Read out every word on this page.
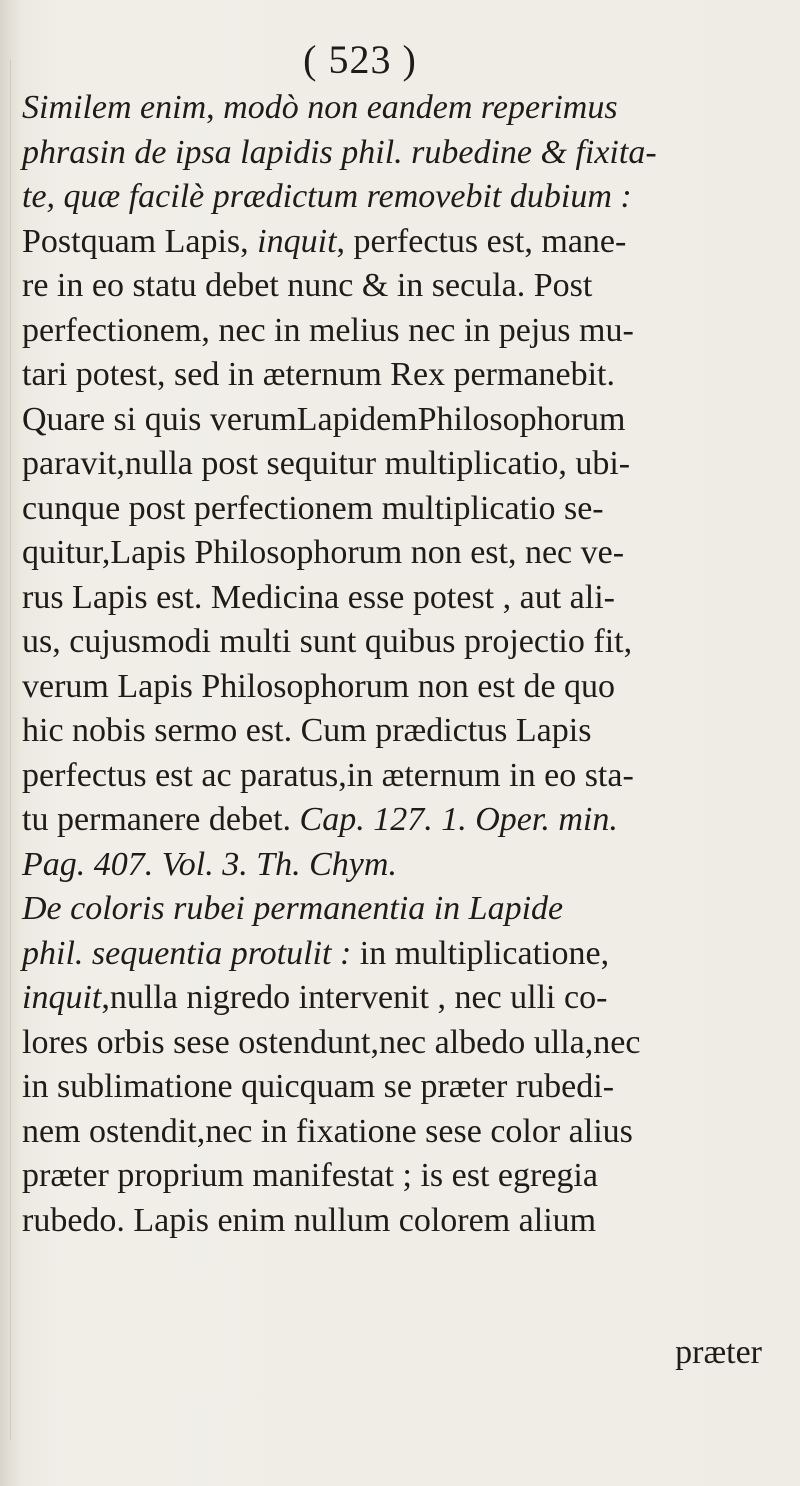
( 523 )
Similem enim, modò non eandem reperimus
phrasin de ipsa lapidis phil. rubedine & fixita-
te, quæ facilè prædictum removebit dubium :
Postquam Lapis, inquit, perfectus est, mane-
re in eo statu debet nunc & in secula. Post
perfectionem, nec in melius nec in pejus mu-
tari potest, sed in æternum Rex permanebit.
Quare si quis verumLapidemPhilosophorum
paravit,nulla post sequitur multiplicatio, ubi-
cunque post perfectionem multiplicatio se-
quitur,Lapis Philosophorum non est, nec ve-
rus Lapis est. Medicina esse potest , aut ali-
us, cujusmodi multi sunt quibus projectio fit,
verum Lapis Philosophorum non est de quo
hic nobis sermo est. Cum prædictus Lapis
perfectus est ac paratus,in æternum in eo sta-
tu permanere debet. Cap. 127. 1. Oper. min.
Pag. 407. Vol. 3. Th. Chym.
De coloris rubei permanentia in Lapide
phil. sequentia protulit : in multiplicatione,
inquit,nulla nigredo intervenit , nec ulli co-
lores orbis sese ostendunt,nec albedo ulla,nec
in sublimatione quicquam se præter rubedi-
nem ostendit,nec in fixatione sese color alius
præter proprium manifestat ; is est egregia
rubedo. Lapis enim nullum colorem alium
præter
